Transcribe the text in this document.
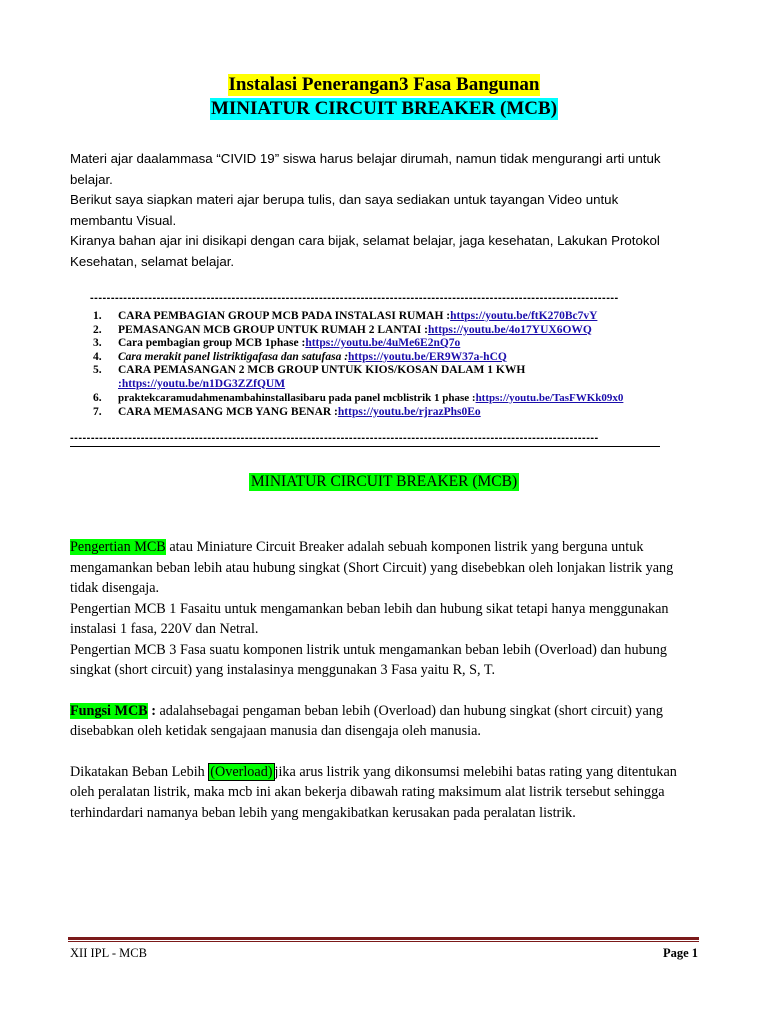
Instalasi Penerangan3 Fasa Bangunan
MINIATUR CIRCUIT BREAKER (MCB)

Materi ajar daalammasa “CIVID 19” siswa harus belajar dirumah, namun tidak mengurangi arti untuk belajar.

Berikut saya siapkan materi ajar berupa tulis, dan saya sediakan untuk tayangan Video untuk membantu Visual.

Kiranya bahan ajar ini disikapi dengan cara bijak, selamat belajar, jaga kesehatan, Lakukan Protokol Kesehatan, selamat belajar.

-------------------------------------------------------------------------------------------------------------------------------
1. CARA PEMBAGIAN GROUP MCB PADA INSTALASI RUMAH :https://youtu.be/ftK270Bc7vY
2. PEMASANGAN MCB GROUP UNTUK RUMAH 2 LANTAI :https://youtu.be/4o17YUX6OWQ
3. Cara pembagian group MCB 1phase :https://youtu.be/4uMe6E2nQ7o
4. Cara merakit panel listriktigafasa dan satufasa :https://youtu.be/ER9W37a-hCQ
5. CARA PEMASANGAN 2 MCB GROUP UNTUK KIOS/KOSAN DALAM 1 KWH
:https://youtu.be/n1DG3ZZfQUM
6. praktekcaramudahmenambahinstallasibaru pada panel mcblistrik 1 phase :https://youtu.be/TasFWKk09x0
7. CARA MEMASANG MCB YANG BENAR :https://youtu.be/rjrazPhs0Eo
-------------------------------------------------------------------------------------------------------------------------------
MINIATUR CIRCUIT BREAKER (MCB)

Pengertian MCB atau Miniature Circuit Breaker adalah sebuah komponen listrik yang berguna untuk mengamankan beban lebih atau hubung singkat (Short Circuit) yang disebebkan oleh lonjakan listrik yang tidak disengaja.

Pengertian MCB 1 Fasaitu untuk mengamankan beban lebih dan hubung sikat tetapi hanya menggunakan instalasi 1 fasa, 220V dan Netral.

Pengertian MCB 3 Fasa suatu komponen listrik untuk mengamankan beban lebih (Overload) dan hubung singkat (short circuit) yang instalasinya menggunakan 3 Fasa yaitu R, S, T.

Fungsi MCB : adalahsebagai pengaman beban lebih (Overload) dan hubung singkat (short circuit) yang disebabkan oleh ketidak sengajaan manusia dan disengaja oleh manusia.

Dikatakan Beban Lebih (Overload) jika arus listrik yang dikonsumsi melebihi batas rating yang ditentukan oleh peralatan listrik, maka mcb ini akan bekerja dibawah rating maksimum alat listrik tersebut sehingga terhindardari namanya beban lebih yang mengakibatkan kerusakan pada peralatan listrik.

XII IPL - MCB	Page 1
